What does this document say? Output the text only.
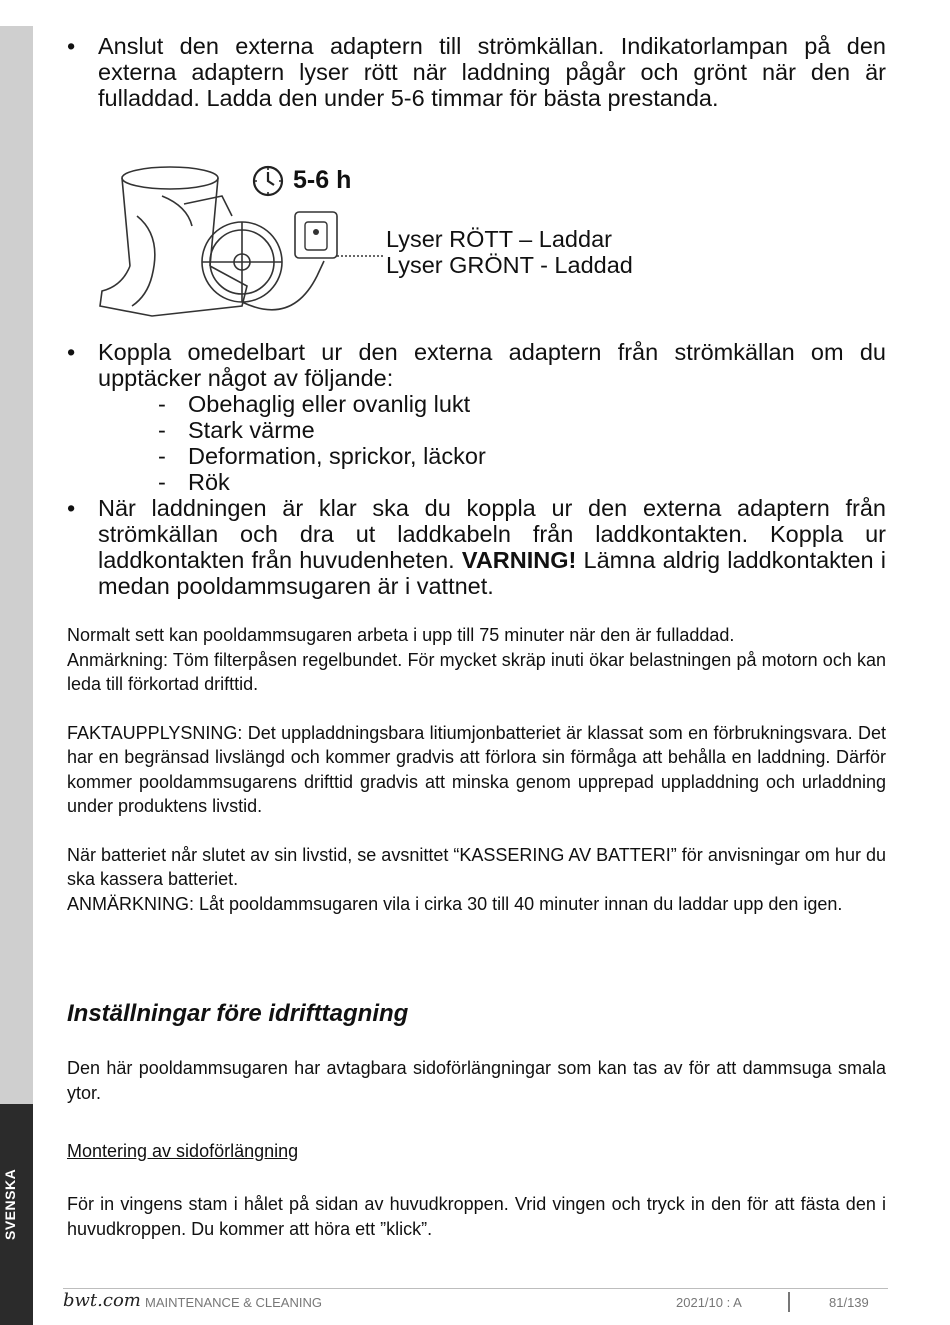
• Anslut den externa adaptern till strömkällan. Indikatorlampan på den externa adaptern lyser rött när laddning pågår och grönt när den är fulladdad. Ladda den under 5-6 timmar för bästa prestanda.
5-6 h
Lyser RÖTT – Laddar
Lyser GRÖNT - Laddad
• Koppla omedelbart ur den externa adaptern från strömkällan om du upptäcker något av följande:
- Obehaglig eller ovanlig lukt
- Stark värme
- Deformation, sprickor, läckor
- Rök
• När laddningen är klar ska du koppla ur den externa adaptern från strömkällan och dra ut laddkabeln från laddkontakten. Koppla ur laddkontakten från huvudenheten. VARNING! Lämna aldrig laddkontakten i medan pooldammsugaren är i vattnet.
Normalt sett kan pooldammsugaren arbeta i upp till 75 minuter när den är fulladdad.
Anmärkning: Töm filterpåsen regelbundet. För mycket skräp inuti ökar belastningen på motorn och kan leda till förkortad drifttid.
FAKTAUPPLYSNING: Det uppladdningsbara litiumjonbatteriet är klassat som en förbrukningsvara. Det har en begränsad livslängd och kommer gradvis att förlora sin förmåga att behålla en laddning. Därför kommer pooldammsugarens drifttid gradvis att minska genom upprepad uppladdning och urladdning under produktens livstid.
När batteriet når slutet av sin livstid, se avsnittet “KASSERING AV BATTERI” för anvisningar om hur du ska kassera batteriet.
ANMÄRKNING: Låt pooldammsugaren vila i cirka 30 till 40 minuter innan du laddar upp den igen.
Inställningar före idrifttagning
Den här pooldammsugaren har avtagbara sidoförlängningar som kan tas av för att dammsuga smala ytor.
Montering av sidoförlängning
För in vingens stam i hålet på sidan av huvudkroppen. Vrid vingen och tryck in den för att fästa den i huvudkroppen. Du kommer att höra ett ”klick”.
bwt.com MAINTENANCE & CLEANING	2021/10 : A	81/139
